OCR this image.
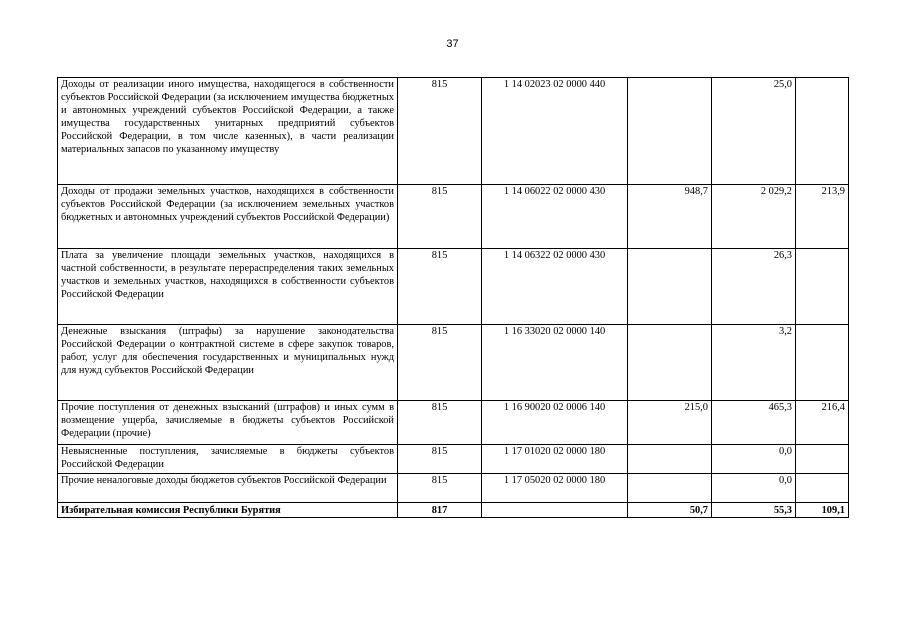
37
Доходы от реализации иного имущества, находящегося в собственности субъектов Российской Федерации (за исключением имущества бюджетных и автономных учреждений субъектов Российской Федерации, а также имущества государственных унитарных предприятий субъектов Российской Федерации, в том числе казенных), в части реализации материальных запасов по указанному имуществу	815	1 14 02023 02 0000 440		25,0	
Доходы от продажи земельных участков, находящихся в собственности субъектов Российской Федерации (за исключением земельных участков бюджетных и автономных учреждений субъектов Российской Федерации)	815	1 14 06022 02 0000 430	948,7	2 029,2	213,9
Плата за увеличение площади земельных участков, находящихся в частной собственности, в результате перераспределения таких земельных участков и земельных участков, находящихся в собственности субъектов Российской Федерации	815	1 14 06322 02 0000 430		26,3	
Денежные взыскания (штрафы) за нарушение законодательства Российской Федерации о контрактной системе в сфере закупок товаров, работ, услуг для обеспечения государственных и муниципальных нужд для нужд субъектов Российской Федерации	815	1 16 33020 02 0000 140		3,2	
Прочие поступления от денежных взысканий (штрафов) и иных сумм в возмещение ущерба, зачисляемые в бюджеты субъектов Российской Федерации (прочие)	815	1 16 90020 02 0006 140	215,0	465,3	216,4
Невыясненные поступления, зачисляемые в бюджеты субъектов Российской Федерации	815	1 17 01020 02 0000 180		0,0	
Прочие неналоговые доходы бюджетов субъектов Российской Федерации	815	1 17 05020 02 0000 180		0,0	
Избирательная комиссия Республики Бурятия	817		50,7	55,3	109,1
